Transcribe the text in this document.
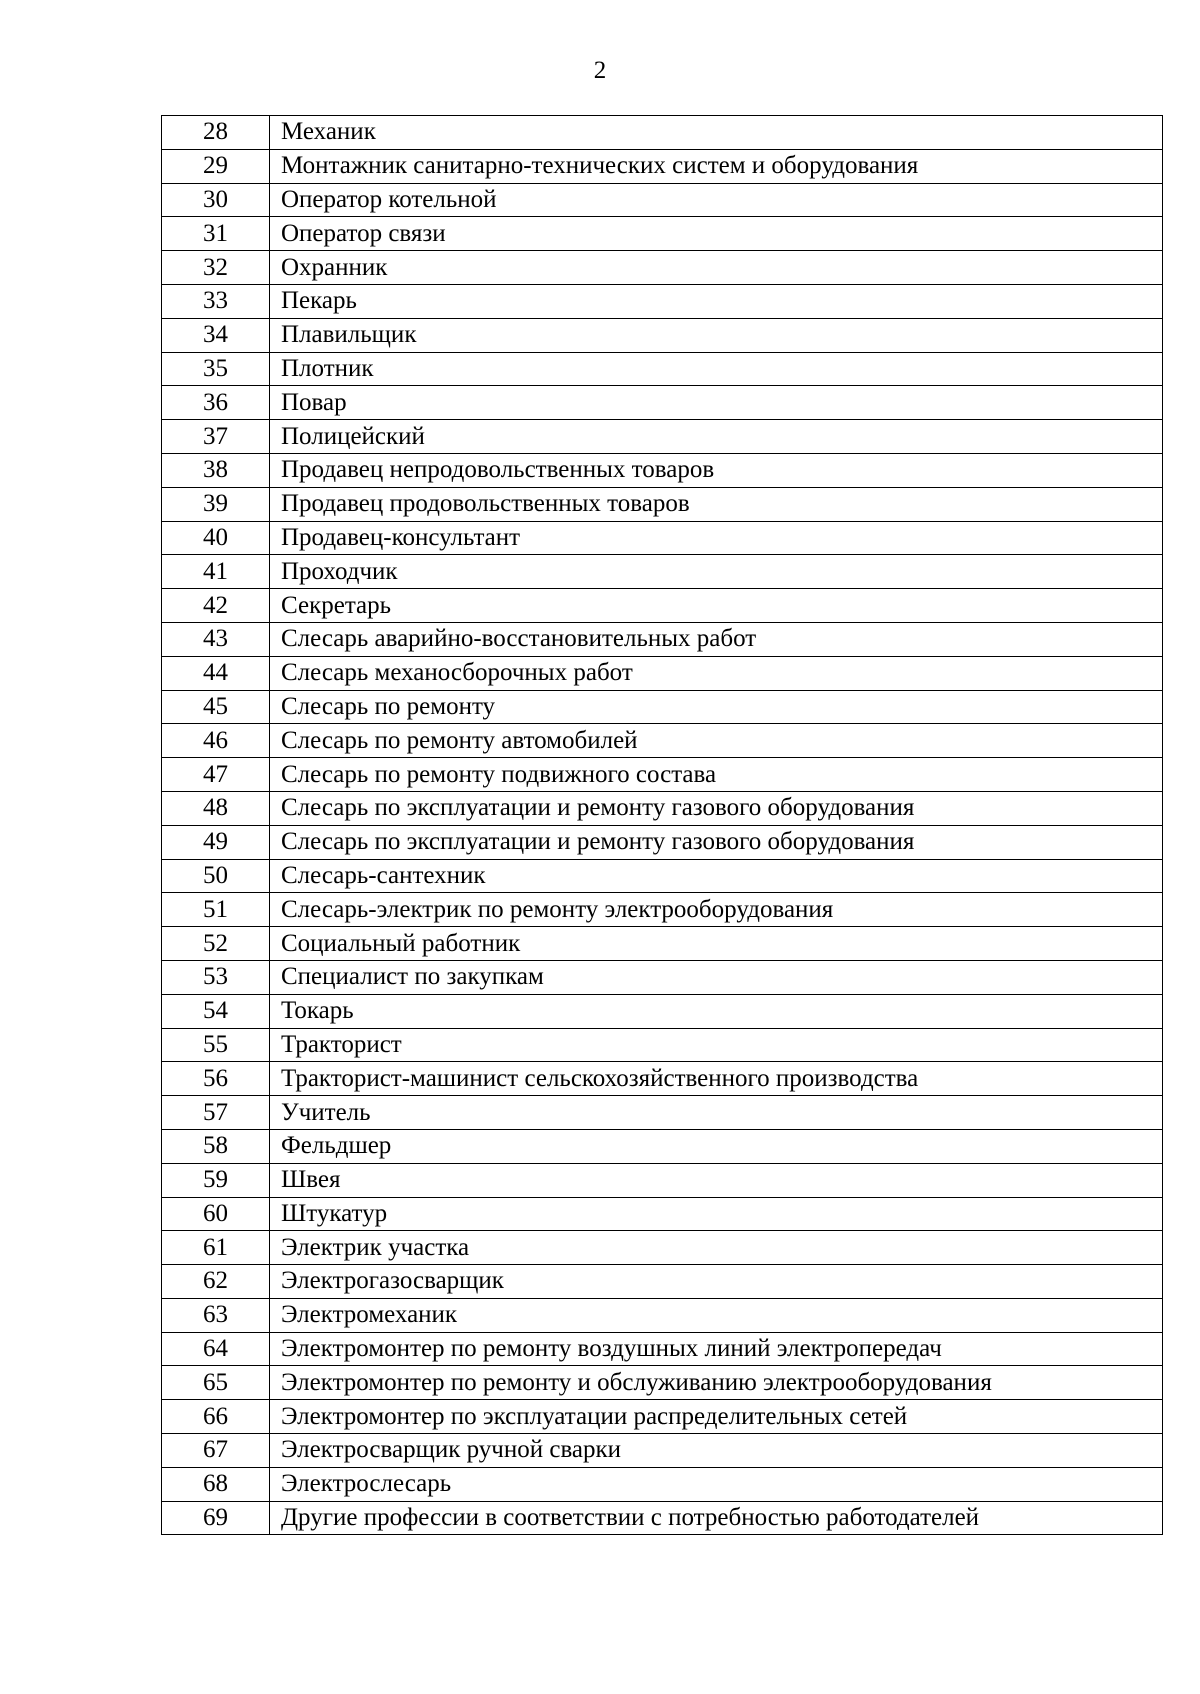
2
28	Механик
29	Монтажник санитарно-технических систем и оборудования
30	Оператор котельной
31	Оператор связи
32	Охранник
33	Пекарь
34	Плавильщик
35	Плотник
36	Повар
37	Полицейский
38	Продавец непродовольственных товаров
39	Продавец продовольственных товаров
40	Продавец-консультант
41	Проходчик
42	Секретарь
43	Слесарь аварийно-восстановительных работ
44	Слесарь механосборочных работ
45	Слесарь по ремонту
46	Слесарь по ремонту автомобилей
47	Слесарь по ремонту подвижного состава
48	Слесарь по эксплуатации и ремонту газового оборудования
49	Слесарь по эксплуатации и ремонту газового оборудования
50	Слесарь-сантехник
51	Слесарь-электрик по ремонту электрооборудования
52	Социальный работник
53	Специалист по закупкам
54	Токарь
55	Тракторист
56	Тракторист-машинист сельскохозяйственного производства
57	Учитель
58	Фельдшер
59	Швея
60	Штукатур
61	Электрик участка
62	Электрогазосварщик
63	Электромеханик
64	Электромонтер по ремонту воздушных линий электропередач
65	Электромонтер по ремонту и обслуживанию электрооборудования
66	Электромонтер по эксплуатации распределительных сетей
67	Электросварщик ручной сварки
68	Электрослесарь
69	Другие профессии в соответствии с потребностью работодателей
